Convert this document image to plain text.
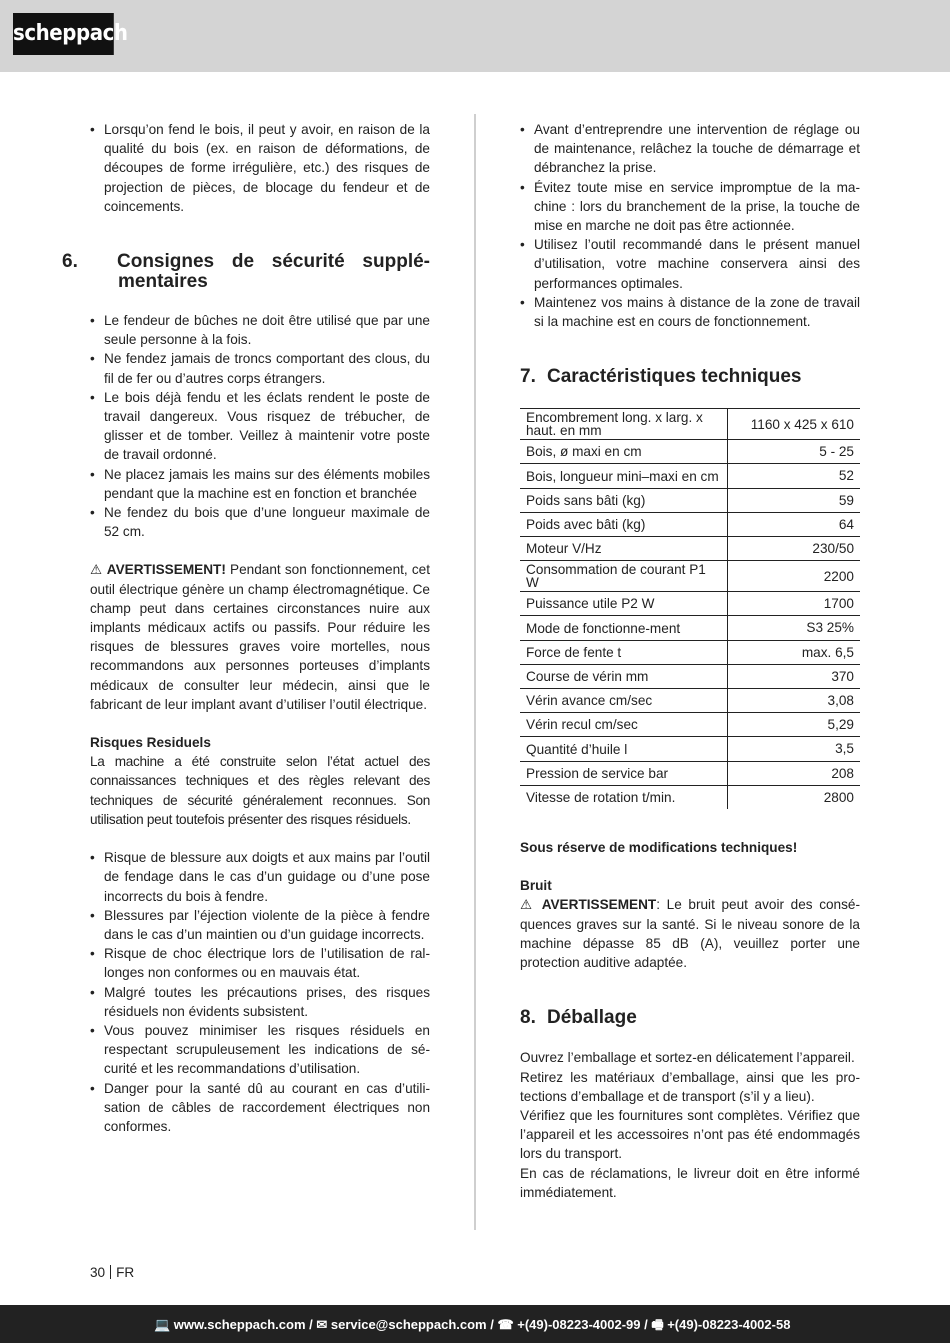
scheppach
• Lorsqu’on fend le bois, il peut y avoir, en raison de la qualité du bois (ex. en raison de déformations, de découpes de forme irrégulière, etc.) des risques de projection de pièces, de blocage du fendeur et de coincements.
6. Consignes de sécurité supplémentaires
• Le fendeur de bûches ne doit être utilisé que par une seule personne à la fois.
• Ne fendez jamais de troncs comportant des clous, du fil de fer ou d’autres corps étrangers.
• Le bois déjà fendu et les éclats rendent le poste de travail dangereux. Vous risquez de trébucher, de glisser et de tomber. Veillez à maintenir votre poste de travail ordonné.
• Ne placez jamais les mains sur des éléments mobiles pendant que la machine est en fonction et branchée
• Ne fendez du bois que d’une longueur maximale de 52 cm.

⚠ AVERTISSEMENT! Pendant son fonctionnement, cet outil électrique génère un champ électromagnétique. Ce champ peut dans certaines circonstances nuire aux implants médicaux actifs ou passifs. Pour réduire les risques de blessures graves voire mortelles, nous recommandons aux personnes porteuses d’implants médicaux de consulter leur médecin, ainsi que le fabricant de leur implant avant d’utiliser l’outil électrique.

Risques Residuels

La machine a été construite selon l’état actuel des connaissances techniques et des règles relevant des techniques de sécurité généralement reconnues. Son utilisation peut toutefois présenter des risques résiduels.

• Risque de blessure aux doigts et aux mains par l’outil de fendage dans le cas d’un guidage ou d’une pose incorrects du bois à fendre.
• Blessures par l’éjection violente de la pièce à fendre dans le cas d’un maintien ou d’un guidage incorrects.
• Risque de choc électrique lors de l’utilisation de rallonges non conformes ou en mauvais état.
• Malgré toutes les précautions prises, des risques résiduels non évidents subsistent.
• Vous pouvez minimiser les risques résiduels en respectant scrupuleusement les indications de sécurité et les recommandations d’utilisation.
• Danger pour la santé dû au courant en cas d’utilisation de câbles de raccordement électriques non conformes.
• Avant d’entreprendre une intervention de réglage ou de maintenance, relâchez la touche de démarrage et débranchez la prise.
• Évitez toute mise en service impromptue de la machine : lors du branchement de la prise, la touche de mise en marche ne doit pas être actionnée.
• Utilisez l’outil recommandé dans le présent manuel d’utilisation, votre machine conservera ainsi des performances optimales.
• Maintenez vos mains à distance de la zone de travail si la machine est en cours de fonctionnement.
7. Caractéristiques techniques
Encombrement long. x larg. x haut. en mm	1160 x 425 x 610
Bois, ø maxi en cm	5 - 25
Bois, longueur mini–maxi en cm	52
Poids sans bâti (kg)	59
Poids avec bâti (kg)	64
Moteur V/Hz	230/50
Consommation de courant P1 W	2200
Puissance utile P2 W	1700
Mode de fonctionne-ment	S3 25%
Force de fente t	max. 6,5
Course de vérin mm	370
Vérin avance cm/sec	3,08
Vérin recul cm/sec	5,29
Quantité d’huile l	3,5
Pression de service bar	208
Vitesse de rotation t/min.	2800

Sous réserve de modifications techniques!

Bruit

⚠ AVERTISSEMENT: Le bruit peut avoir des conséquences graves sur la santé. Si le niveau sonore de la machine dépasse 85 dB (A), veuillez porter une protection auditive adaptée.

8. Déballage

Ouvrez l’emballage et sortez-en délicatement l’appareil.

Retirez les matériaux d’emballage, ainsi que les protections d’emballage et de transport (s’il y a lieu).

Vérifiez que les fournitures sont complètes. Vérifiez que l’appareil et les accessoires n’ont pas été endommagés lors du transport.

En cas de réclamations, le livreur doit en être informé immédiatement.

30 FR
💻 www.scheppach.com / ✉ service@scheppach.com / ☎ +(49)-08223-4002-99 / 🖷 +(49)-08223-4002-58
